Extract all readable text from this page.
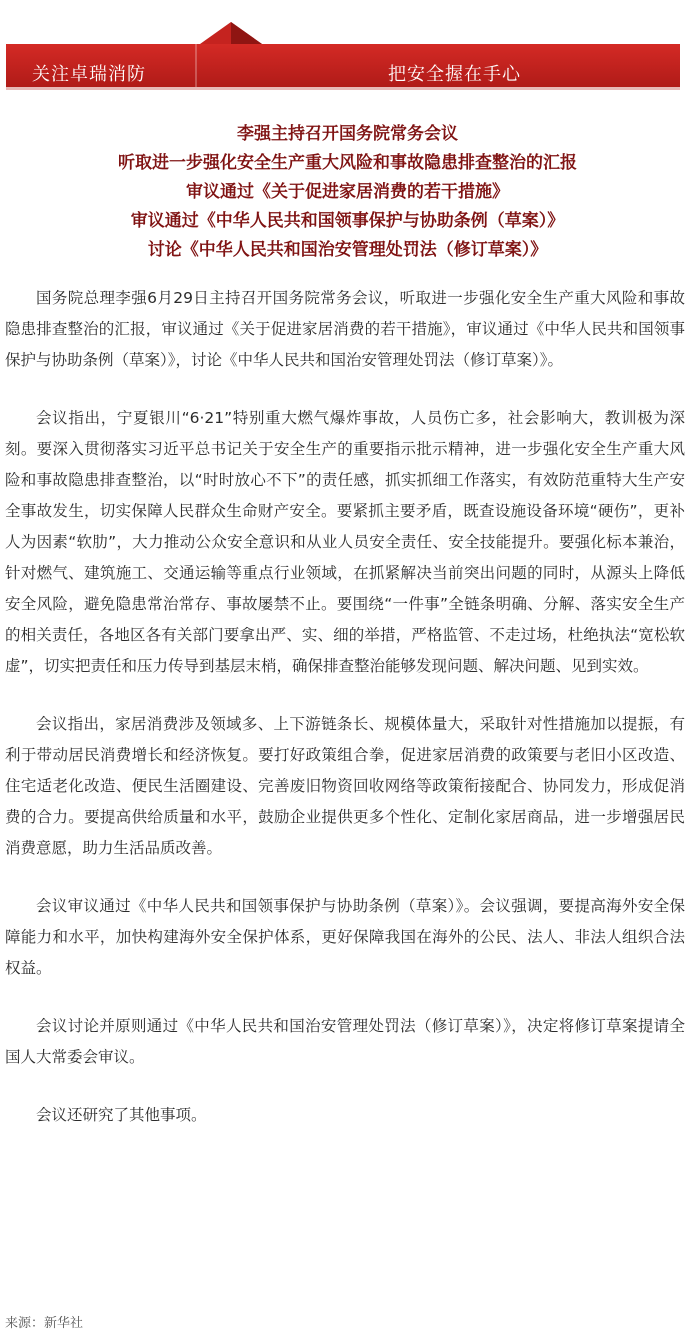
关注卓瑞消防	把安全握在手心
李强主持召开国务院常务会议
听取进一步强化安全生产重大风险和事故隐患排查整治的汇报
审议通过《关于促进家居消费的若干措施》
审议通过《中华人民共和国领事保护与协助条例（草案）》
讨论《中华人民共和国治安管理处罚法（修订草案）》

国务院总理李强6月29日主持召开国务院常务会议，听取进一步强化安全生产重大风险和事故隐患排查整治的汇报，审议通过《关于促进家居消费的若干措施》，审议通过《中华人民共和国领事保护与协助条例（草案）》，讨论《中华人民共和国治安管理处罚法（修订草案）》。

会议指出，宁夏银川“6·21”特别重大燃气爆炸事故，人员伤亡多，社会影响大，教训极为深刻。要深入贯彻落实习近平总书记关于安全生产的重要指示批示精神，进一步强化安全生产重大风险和事故隐患排查整治，以“时时放心不下”的责任感，抓实抓细工作落实，有效防范重特大生产安全事故发生，切实保障人民群众生命财产安全。要紧抓主要矛盾，既查设施设备环境“硬伤”，更补人为因素“软肋”，大力推动公众安全意识和从业人员安全责任、安全技能提升。要强化标本兼治，针对燃气、建筑施工、交通运输等重点行业领域，在抓紧解决当前突出问题的同时，从源头上降低安全风险，避免隐患常治常存、事故屡禁不止。要围绕“一件事”全链条明确、分解、落实安全生产的相关责任，各地区各有关部门要拿出严、实、细的举措，严格监管、不走过场，杜绝执法“宽松软虚”，切实把责任和压力传导到基层末梢，确保排查整治能够发现问题、解决问题、见到实效。

会议指出，家居消费涉及领域多、上下游链条长、规模体量大，采取针对性措施加以提振，有利于带动居民消费增长和经济恢复。要打好政策组合拳，促进家居消费的政策要与老旧小区改造、住宅适老化改造、便民生活圈建设、完善废旧物资回收网络等政策衔接配合、协同发力，形成促消费的合力。要提高供给质量和水平，鼓励企业提供更多个性化、定制化家居商品，进一步增强居民消费意愿，助力生活品质改善。

会议审议通过《中华人民共和国领事保护与协助条例（草案）》。会议强调，要提高海外安全保障能力和水平，加快构建海外安全保护体系，更好保障我国在海外的公民、法人、非法人组织合法权益。

会议讨论并原则通过《中华人民共和国治安管理处罚法（修订草案）》，决定将修订草案提请全国人大常委会审议。

会议还研究了其他事项。

来源：新华社
